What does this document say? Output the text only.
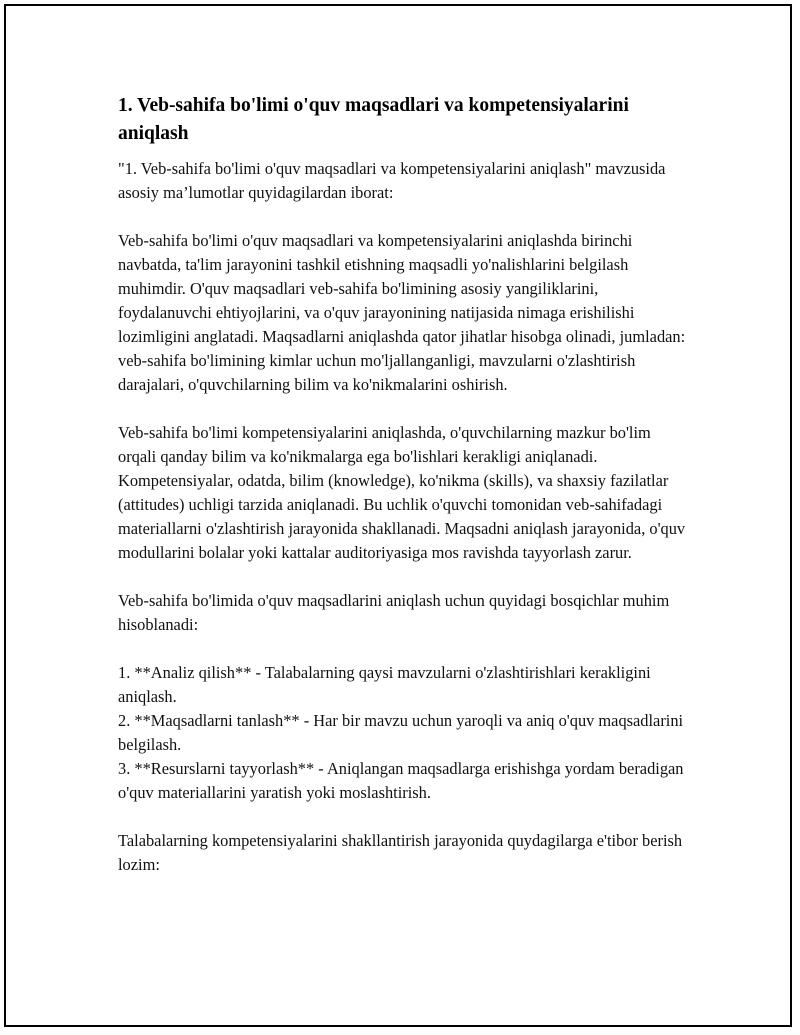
1. Veb-sahifa bo'limi o'quv maqsadlari va kompetensiyalarini aniqlash

"1. Veb-sahifa bo'limi o'quv maqsadlari va kompetensiyalarini aniqlash" mavzusida asosiy ma’lumotlar quyidagilardan iborat:

Veb-sahifa bo'limi o'quv maqsadlari va kompetensiyalarini aniqlashda birinchi navbatda, ta'lim jarayonini tashkil etishning maqsadli yo'nalishlarini belgilash muhimdir. O'quv maqsadlari veb-sahifa bo'limining asosiy yangiliklarini, foydalanuvchi ehtiyojlarini, va o'quv jarayonining natijasida nimaga erishilishi lozimligini anglatadi. Maqsadlarni aniqlashda qator jihatlar hisobga olinadi, jumladan: veb-sahifa bo'limining kimlar uchun mo'ljallanganligi, mavzularni o'zlashtirish darajalari, o'quvchilarning bilim va ko'nikmalarini oshirish.

Veb-sahifa bo'limi kompetensiyalarini aniqlashda, o'quvchilarning mazkur bo'lim orqali qanday bilim va ko'nikmalarga ega bo'lishlari kerakligi aniqlanadi. Kompetensiyalar, odatda, bilim (knowledge), ko'nikma (skills), va shaxsiy fazilatlar (attitudes) uchligi tarzida aniqlanadi. Bu uchlik o'quvchi tomonidan veb-sahifadagi materiallarni o'zlashtirish jarayonida shakllanadi. Maqsadni aniqlash jarayonida, o'quv modullarini bolalar yoki kattalar auditoriyasiga mos ravishda tayyorlash zarur.

Veb-sahifa bo'limida o'quv maqsadlarini aniqlash uchun quyidagi bosqichlar muhim hisoblanadi:

1. **Analiz qilish** - Talabalarning qaysi mavzularni o'zlashtirishlari kerakligini aniqlash.
2. **Maqsadlarni tanlash** - Har bir mavzu uchun yaroqli va aniq o'quv maqsadlarini belgilash.
3. **Resurslarni tayyorlash** - Aniqlangan maqsadlarga erishishga yordam beradigan o'quv materiallarini yaratish yoki moslashtirish.

Talabalarning kompetensiyalarini shakllantirish jarayonida quydagilarga e'tibor berish lozim:
